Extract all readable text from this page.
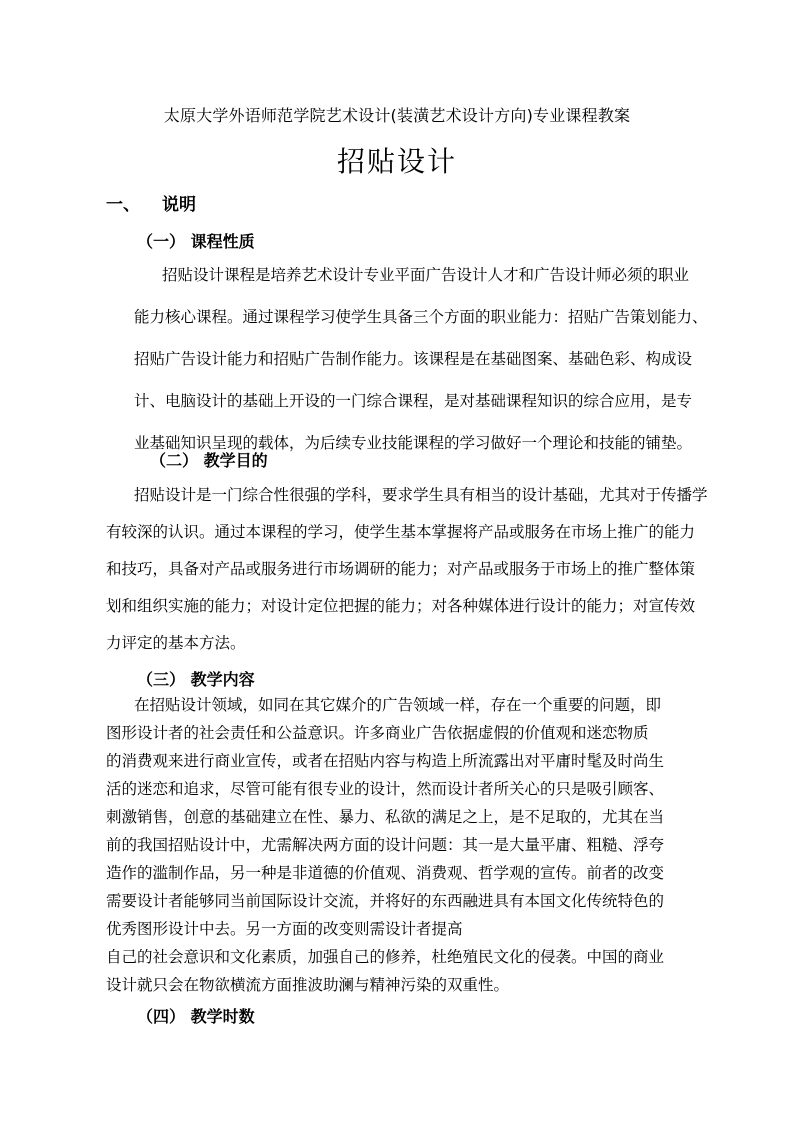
太原大学外语师范学院艺术设计(装潢艺术设计方向)专业课程教案
招贴设计
一、 说明
（一） 课程性质
招贴设计课程是培养艺术设计专业平面广告设计人才和广告设计师必须的职业
能力核心课程。通过课程学习使学生具备三个方面的职业能力：招贴广告策划能力、
招贴广告设计能力和招贴广告制作能力。该课程是在基础图案、基础色彩、构成设
计、电脑设计的基础上开设的一门综合课程，是对基础课程知识的综合应用，是专
业基础知识呈现的载体，为后续专业技能课程的学习做好一个理论和技能的铺垫。
（二） 教学目的
招贴设计是一门综合性很强的学科，要求学生具有相当的设计基础，尤其对于传播学
有较深的认识。通过本课程的学习，使学生基本掌握将产品或服务在市场上推广的能力
和技巧，具备对产品或服务进行市场调研的能力；对产品或服务于市场上的推广整体策
划和组织实施的能力；对设计定位把握的能力；对各种媒体进行设计的能力；对宣传效
力评定的基本方法。
（三） 教学内容
在招贴设计领域，如同在其它媒介的广告领域一样，存在一个重要的问题，即
图形设计者的社会责任和公益意识。许多商业广告依据虚假的价值观和迷恋物质
的消费观来进行商业宣传，或者在招贴内容与构造上所流露出对平庸时髦及时尚生
活的迷恋和追求，尽管可能有很专业的设计，然而设计者所关心的只是吸引顾客、
刺激销售，创意的基础建立在性、暴力、私欲的满足之上，是不足取的，尤其在当
前的我国招贴设计中，尤需解决两方面的设计问题：其一是大量平庸、粗糙、浮夸
造作的滥制作品，另一种是非道德的价值观、消费观、哲学观的宣传。前者的改变
需要设计者能够同当前国际设计交流，并将好的东西融进具有本国文化传统特色的
优秀图形设计中去。另一方面的改变则需设计者提高
自己的社会意识和文化素质，加强自己的修养，杜绝殖民文化的侵袭。中国的商业
设计就只会在物欲横流方面推波助澜与精神污染的双重性。
（四） 教学时数
